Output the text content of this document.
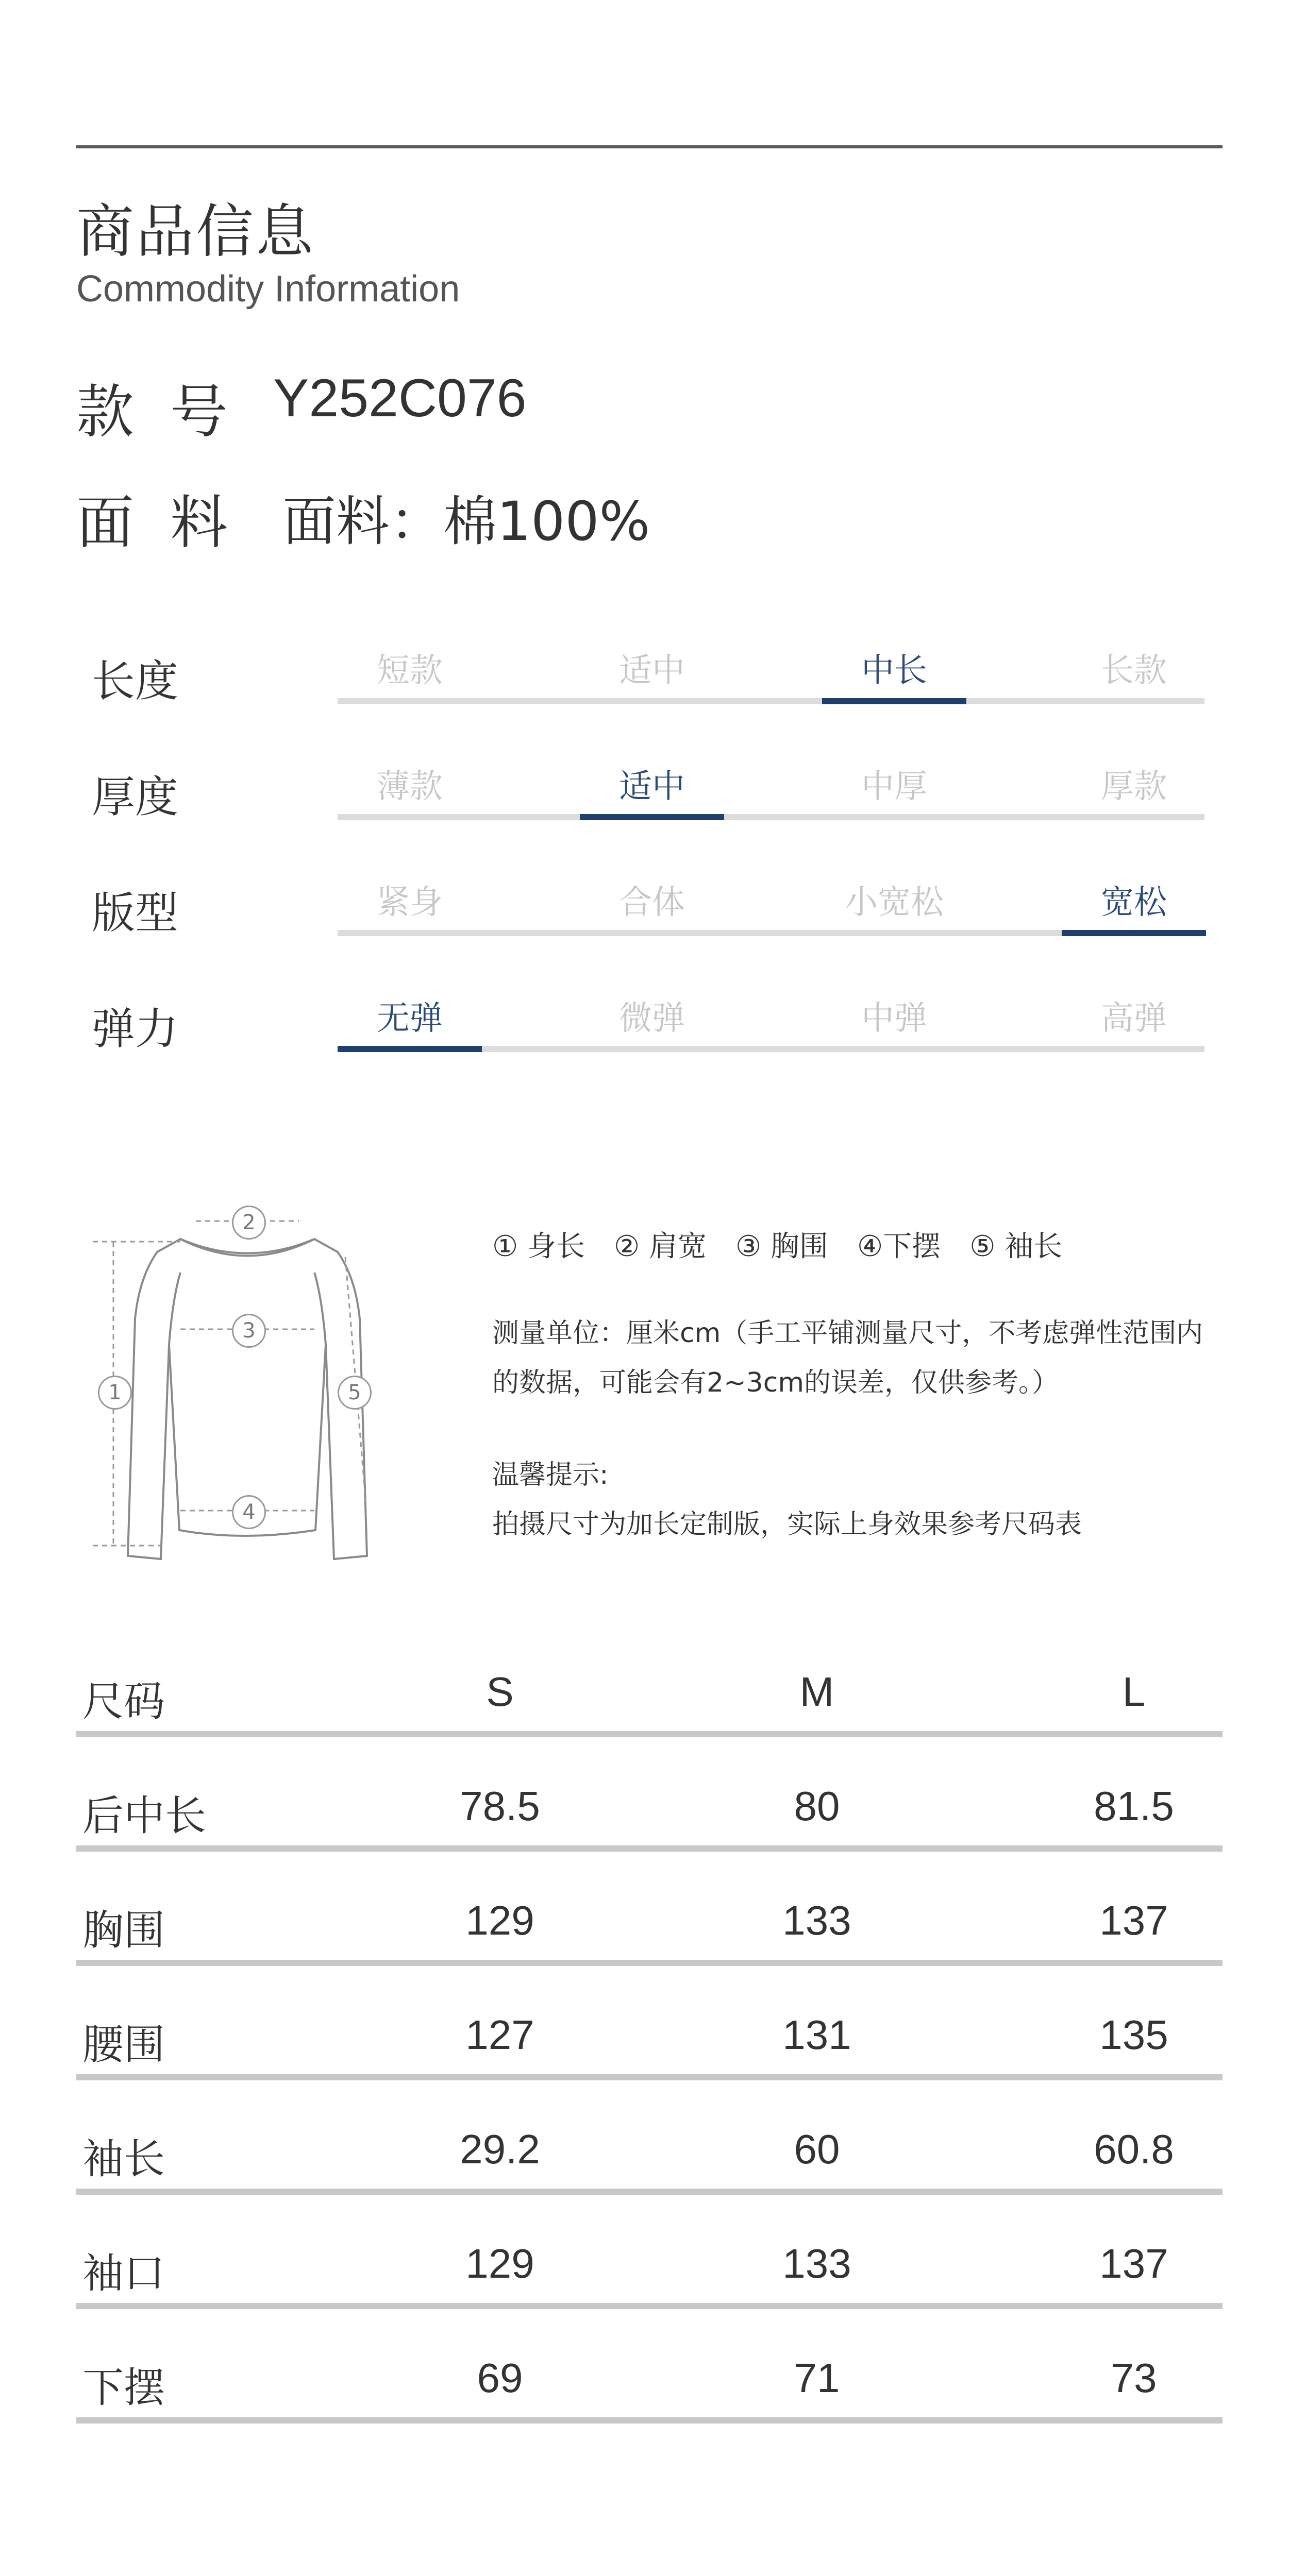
商品信息
Commodity Information
款号 Y252C076
面料 面料：棉100%
长度	短款	适中	中长	长款
厚度	薄款	适中	中厚	厚款
版型	紧身	合体	小宽松	宽松
弹力	无弹	微弹	中弹	高弹
2
1
3
5
4
① 身长　② 肩宽　③ 胸围　④下摆　⑤ 袖长
测量单位：厘米cm（手工平铺测量尺寸，不考虑弹性范围内
的数据，可能会有2~3cm的误差，仅供参考。）
温馨提示:
拍摄尺寸为加长定制版，实际上身效果参考尺码表
尺码	S	M	L
后中长	78.5	80	81.5
胸围	129	133	137
腰围	127	131	135
袖长	29.2	60	60.8
袖口	129	133	137
下摆	69	71	73
